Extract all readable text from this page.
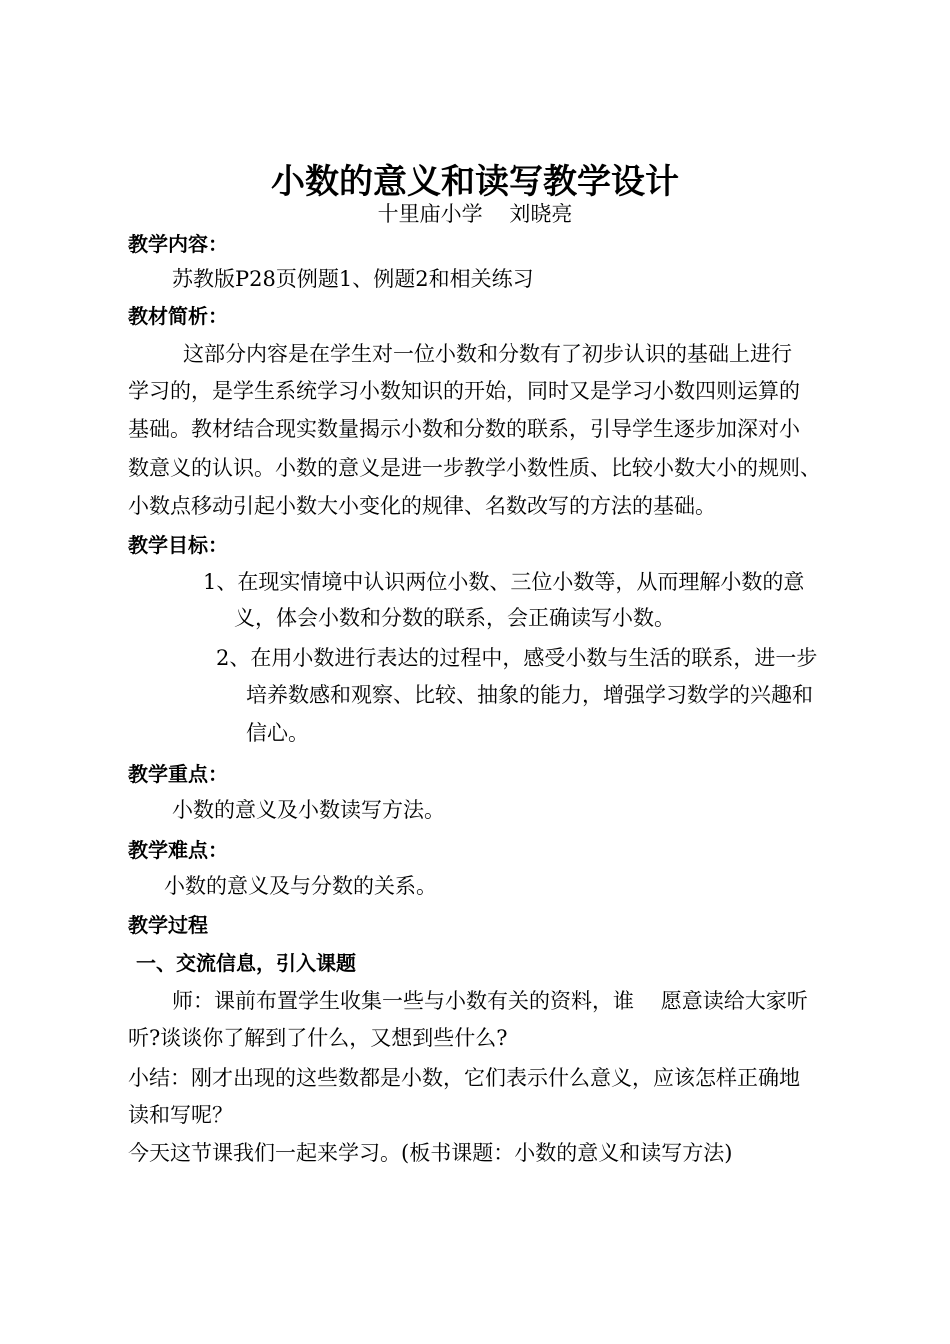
小数的意义和读写教学设计
十里庙小学    刘晓亮
教学内容：
苏教版P28页例题1、例题2和相关练习
教材简析：
这部分内容是在学生对一位小数和分数有了初步认识的基础上进行
学习的，是学生系统学习小数知识的开始，同时又是学习小数四则运算的
基础。教材结合现实数量揭示小数和分数的联系，引导学生逐步加深对小
数意义的认识。小数的意义是进一步教学小数性质、比较小数大小的规则、
小数点移动引起小数大小变化的规律、名数改写的方法的基础。
教学目标：
1、在现实情境中认识两位小数、三位小数等，从而理解小数的意
义，体会小数和分数的联系，会正确读写小数。
2、在用小数进行表达的过程中，感受小数与生活的联系，进一步
培养数感和观察、比较、抽象的能力，增强学习数学的兴趣和
信心。
教学重点：
小数的意义及小数读写方法。
教学难点：
小数的意义及与分数的关系。
教学过程
一、交流信息，引入课题
师：课前布置学生收集一些与小数有关的资料，谁    愿意读给大家听
听?谈谈你了解到了什么，又想到些什么?
小结：刚才出现的这些数都是小数，它们表示什么意义，应该怎样正确地
读和写呢？
今天这节课我们一起来学习。(板书课题：小数的意义和读写方法)
